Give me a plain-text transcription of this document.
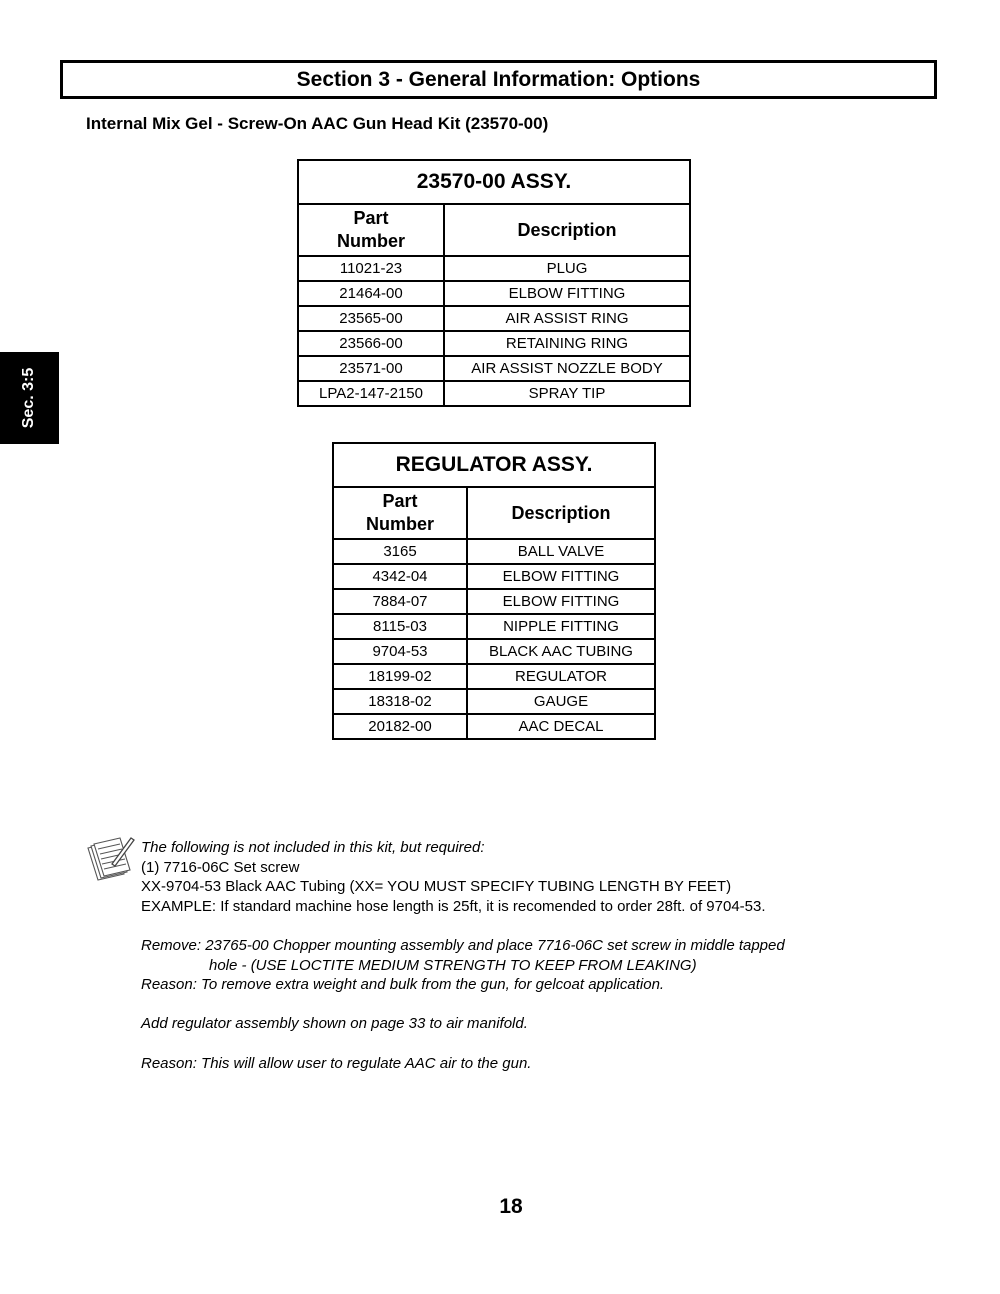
Section 3 - General Information: Options
Internal Mix Gel - Screw-On AAC Gun Head Kit (23570-00)
Sec. 3:5
23570-00 ASSY.	
Part
Number	Description
11021-23	PLUG
21464-00	ELBOW FITTING
23565-00	AIR ASSIST RING
23566-00	RETAINING RING
23571-00	AIR ASSIST NOZZLE BODY
LPA2-147-2150	SPRAY TIP
REGULATOR ASSY.	
Part
Number	Description
3165	BALL VALVE
4342-04	ELBOW FITTING
7884-07	ELBOW FITTING
8115-03	NIPPLE FITTING
9704-53	BLACK AAC TUBING
18199-02	REGULATOR
18318-02	GAUGE
20182-00	AAC DECAL

The following is not included in this kit, but required:

(1) 7716-06C Set screw

XX-9704-53 Black AAC Tubing (XX= YOU MUST SPECIFY TUBING LENGTH BY FEET)

EXAMPLE: If standard machine hose length is 25ft, it is recomended to order 28ft. of 9704-53.

Remove: 23765-00 Chopper mounting assembly and place 7716-06C set screw in middle tapped

hole - (USE LOCTITE MEDIUM STRENGTH TO KEEP FROM LEAKING)

Reason: To remove extra weight and bulk from the gun, for gelcoat application.

Add regulator assembly shown on page 33 to air manifold.

Reason: This will allow user to regulate AAC air to the gun.

18
